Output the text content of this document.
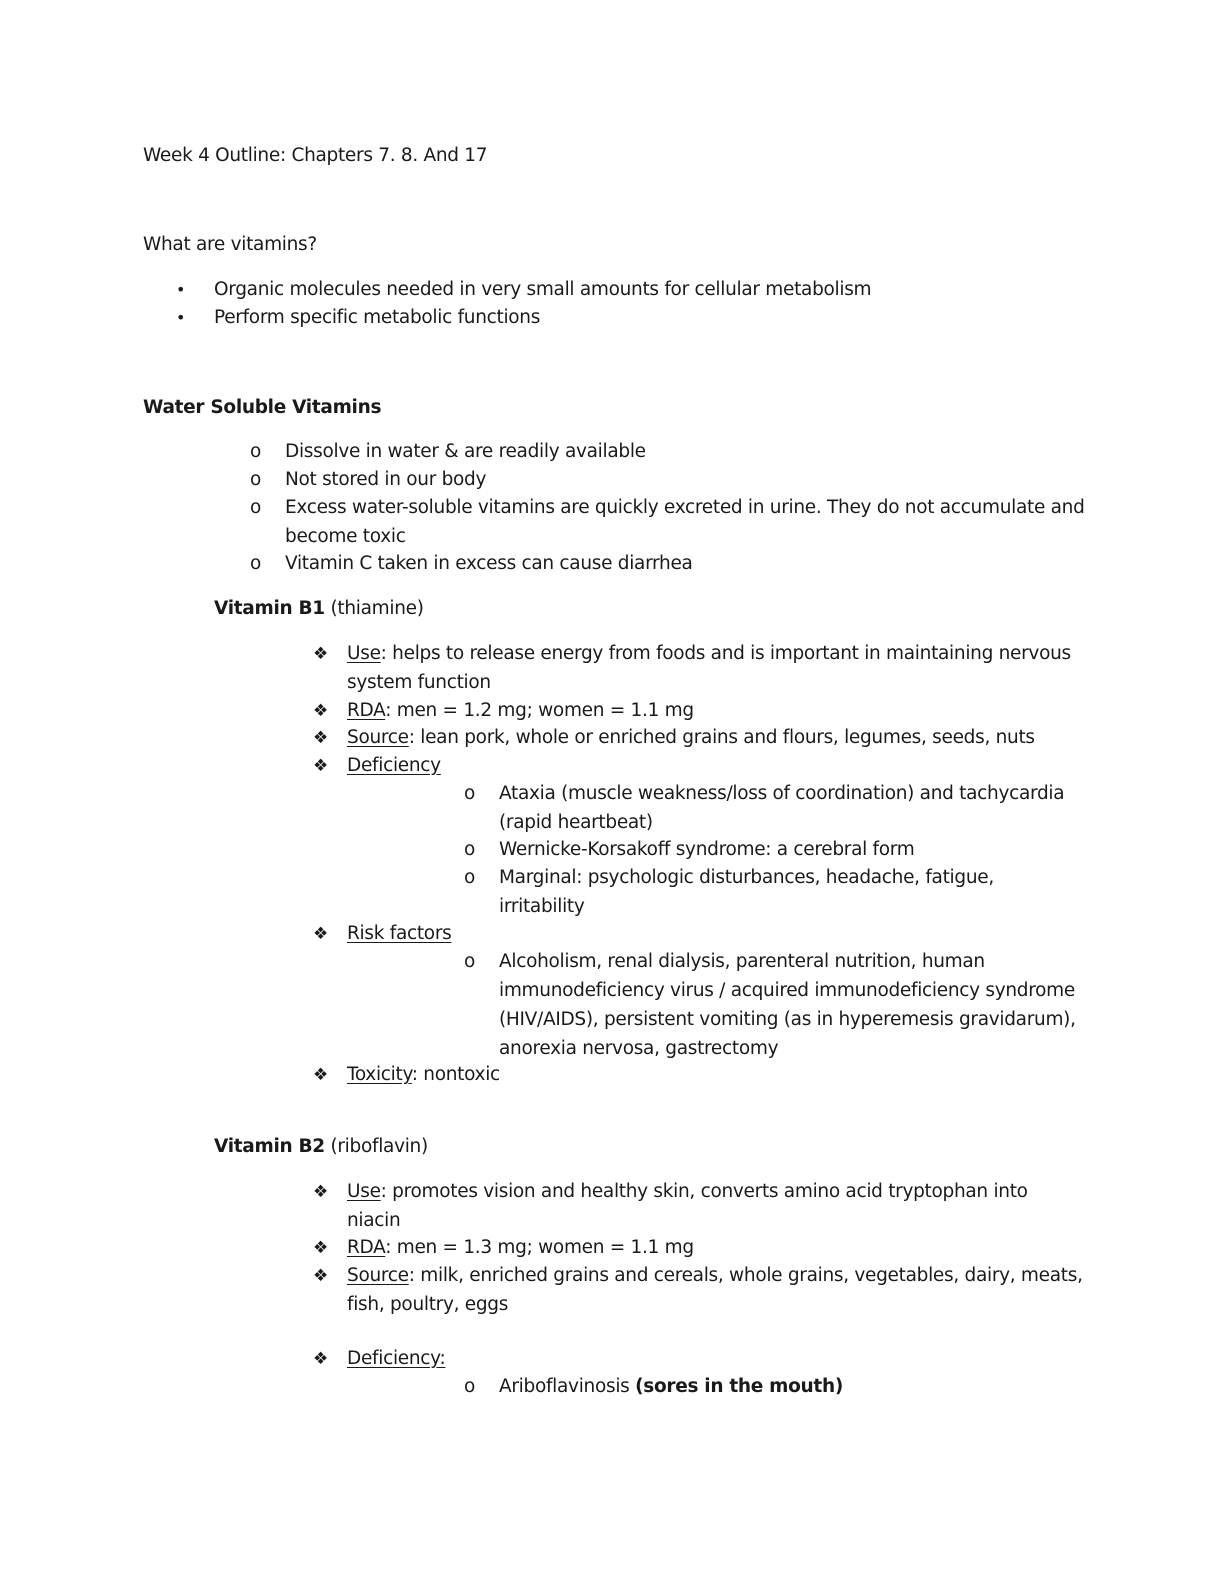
Week 4 Outline: Chapters 7. 8. And 17
What are vitamins?
• Organic molecules needed in very small amounts for cellular metabolism
• Perform specific metabolic functions
Water Soluble Vitamins
o Dissolve in water & are readily available
o Not stored in our body
o Excess water-soluble vitamins are quickly excreted in urine. They do not accumulate and
become toxic
o Vitamin C taken in excess can cause diarrhea
Vitamin B1 (thiamine)
❖ Use: helps to release energy from foods and is important in maintaining nervous
system function
❖ RDA: men = 1.2 mg; women = 1.1 mg
❖ Source: lean pork, whole or enriched grains and flours, legumes, seeds, nuts
❖ Deficiency
o Ataxia (muscle weakness/loss of coordination) and tachycardia
(rapid heartbeat)
o Wernicke-Korsakoff syndrome: a cerebral form
o Marginal: psychologic disturbances, headache, fatigue,
irritability
❖ Risk factors
o Alcoholism, renal dialysis, parenteral nutrition, human
immunodeficiency virus / acquired immunodeficiency syndrome
(HIV/AIDS), persistent vomiting (as in hyperemesis gravidarum),
anorexia nervosa, gastrectomy
❖ Toxicity: nontoxic
Vitamin B2 (riboflavin)
❖ Use: promotes vision and healthy skin, converts amino acid tryptophan into
niacin
❖ RDA: men = 1.3 mg; women = 1.1 mg
❖ Source: milk, enriched grains and cereals, whole grains, vegetables, dairy, meats,
fish, poultry, eggs
❖ Deficiency:
o Ariboflavinosis (sores in the mouth)
